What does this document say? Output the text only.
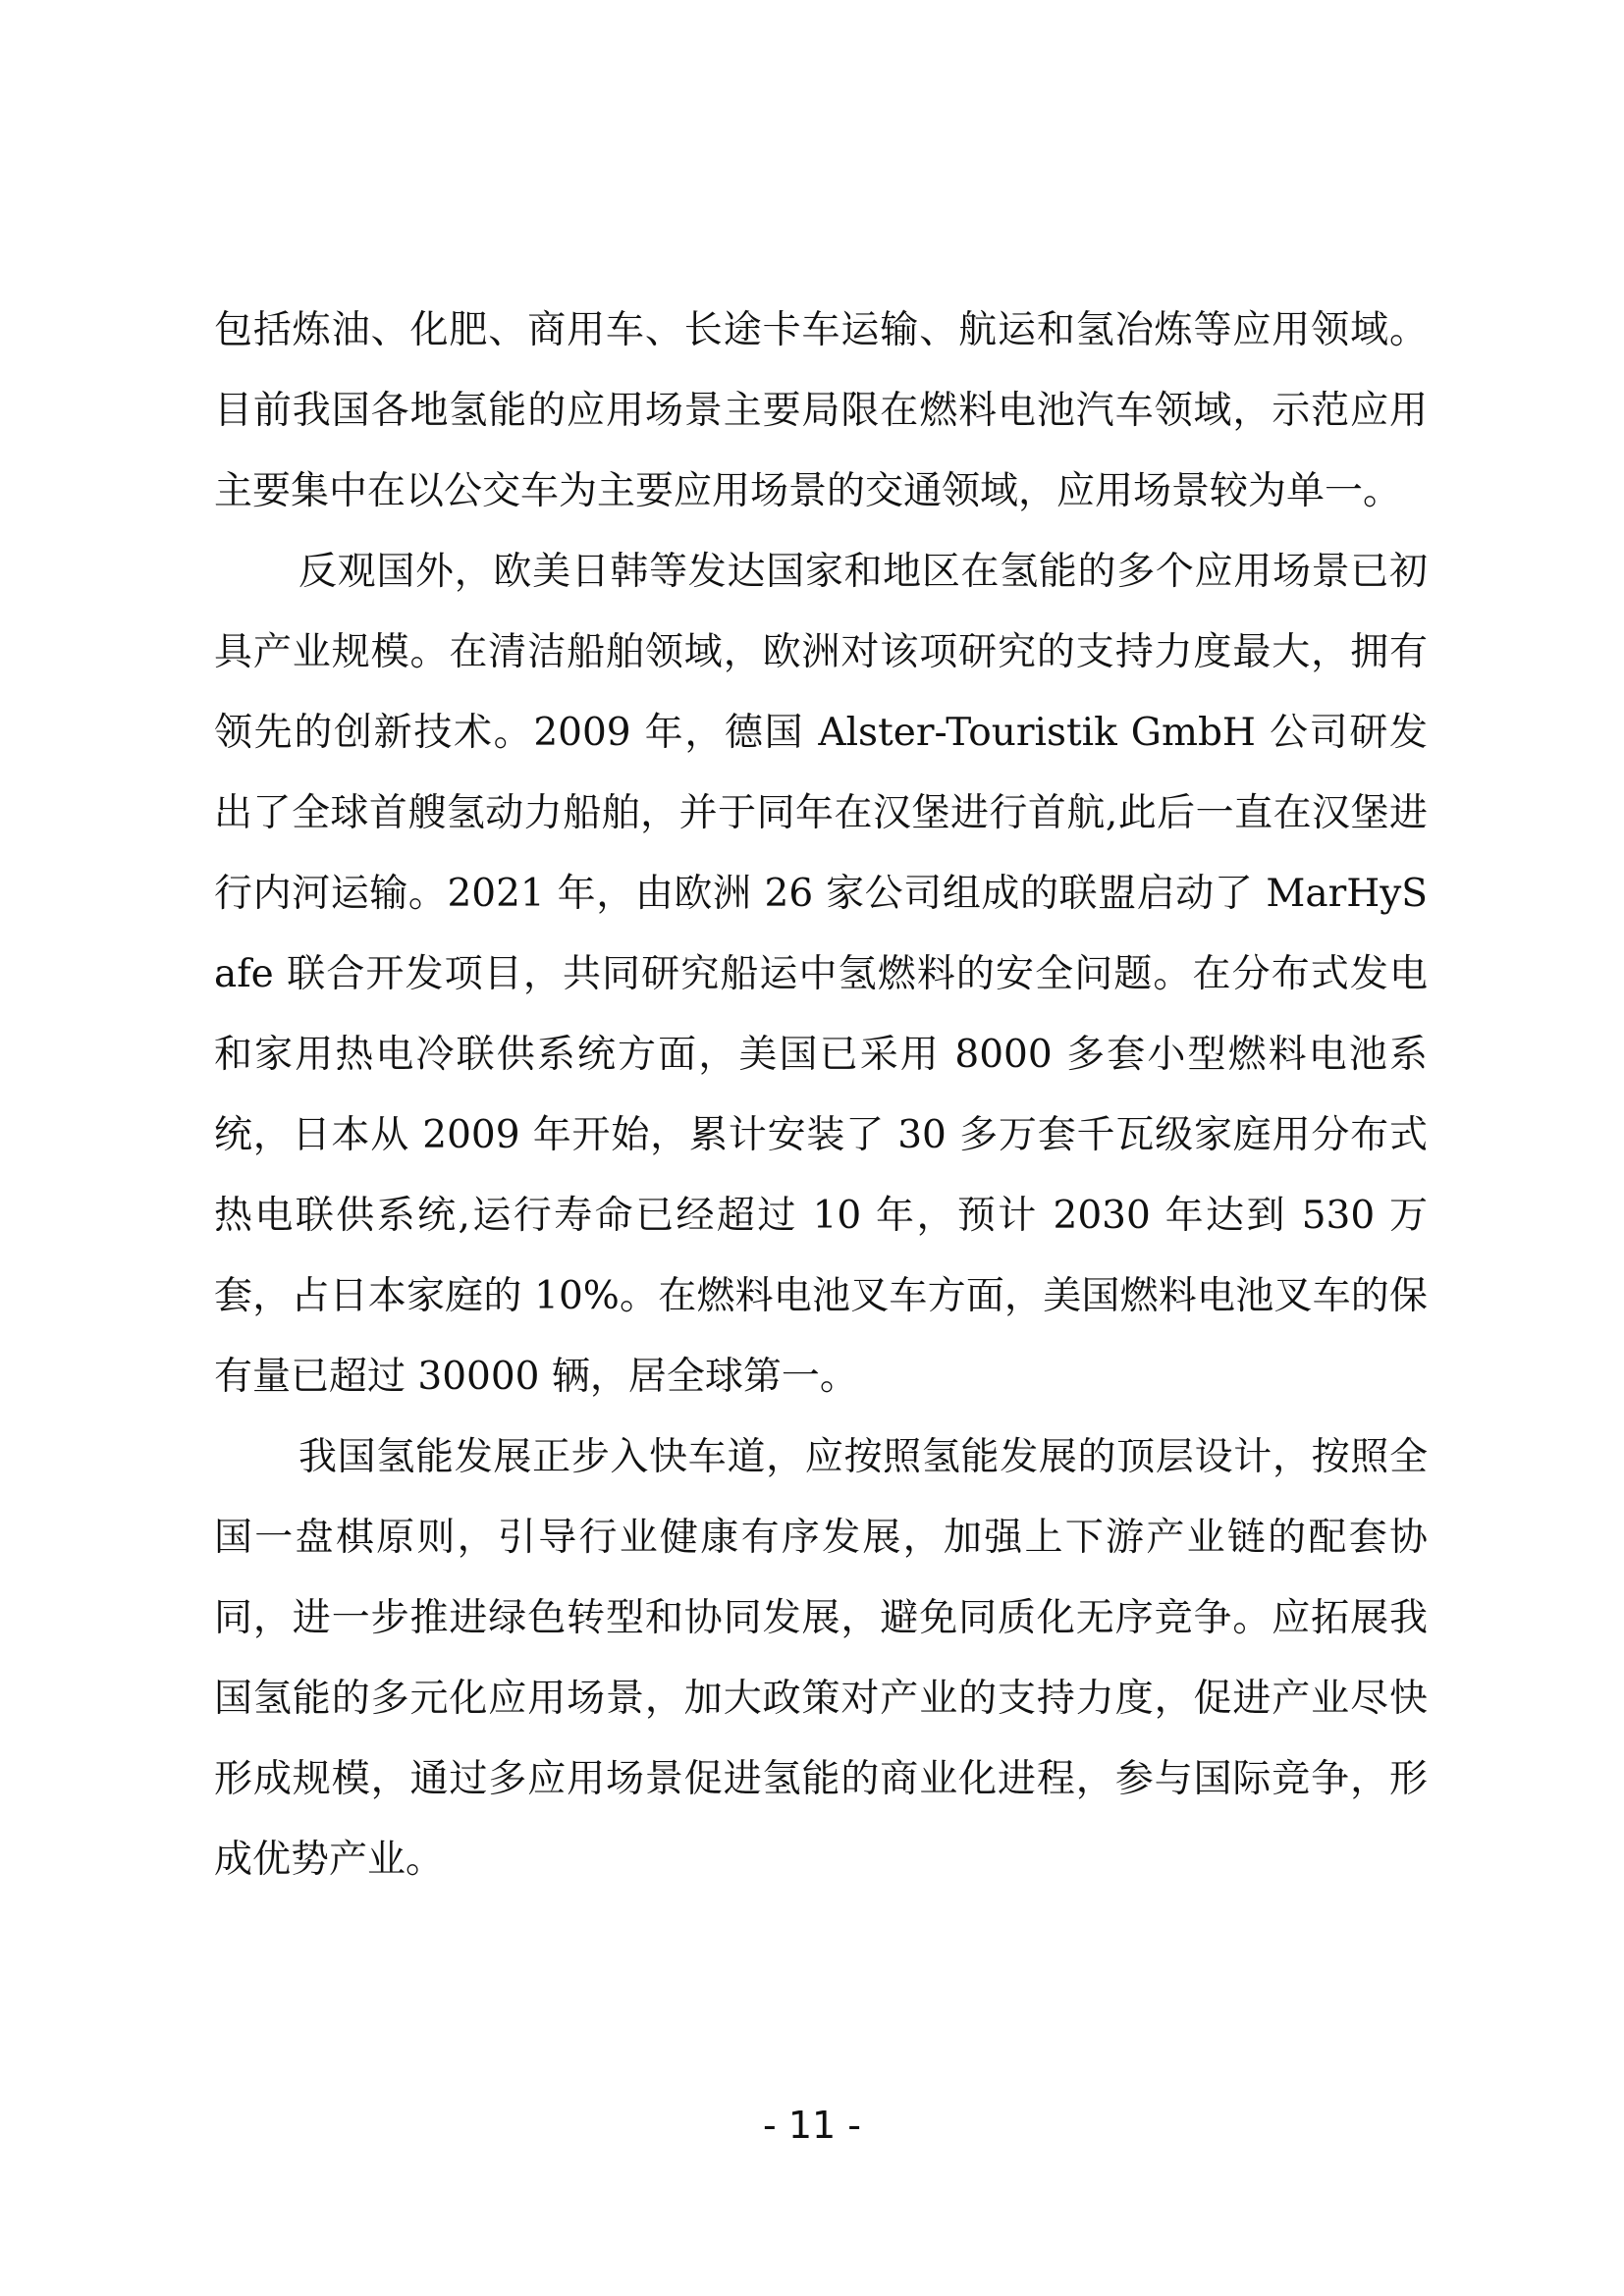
包括炼油、化肥、商用车、长途卡车运输、航运和氢冶炼等应用领域。目前我国各地氢能的应用场景主要局限在燃料电池汽车领域，示范应用主要集中在以公交车为主要应用场景的交通领域，应用场景较为单一。

反观国外，欧美日韩等发达国家和地区在氢能的多个应用场景已初具产业规模。在清洁船舶领域，欧洲对该项研究的支持力度最大，拥有领先的创新技术。2009 年，德国 Alster-Touristik GmbH 公司研发出了全球首艘氢动力船舶，并于同年在汉堡进行首航,此后一直在汉堡进行内河运输。2021 年，由欧洲 26 家公司组成的联盟启动了 MarHySafe 联合开发项目，共同研究船运中氢燃料的安全问题。在分布式发电和家用热电冷联供系统方面，美国已采用 8000 多套小型燃料电池系统，日本从 2009 年开始，累计安装了 30 多万套千瓦级家庭用分布式热电联供系统,运行寿命已经超过 10 年，预计 2030 年达到 530 万套，占日本家庭的 10%。在燃料电池叉车方面，美国燃料电池叉车的保有量已超过 30000 辆，居全球第一。

我国氢能发展正步入快车道，应按照氢能发展的顶层设计，按照全国一盘棋原则，引导行业健康有序发展，加强上下游产业链的配套协同，进一步推进绿色转型和协同发展，避免同质化无序竞争。应拓展我国氢能的多元化应用场景，加大政策对产业的支持力度，促进产业尽快形成规模，通过多应用场景促进氢能的商业化进程，参与国际竞争，形成优势产业。

- 11 -
